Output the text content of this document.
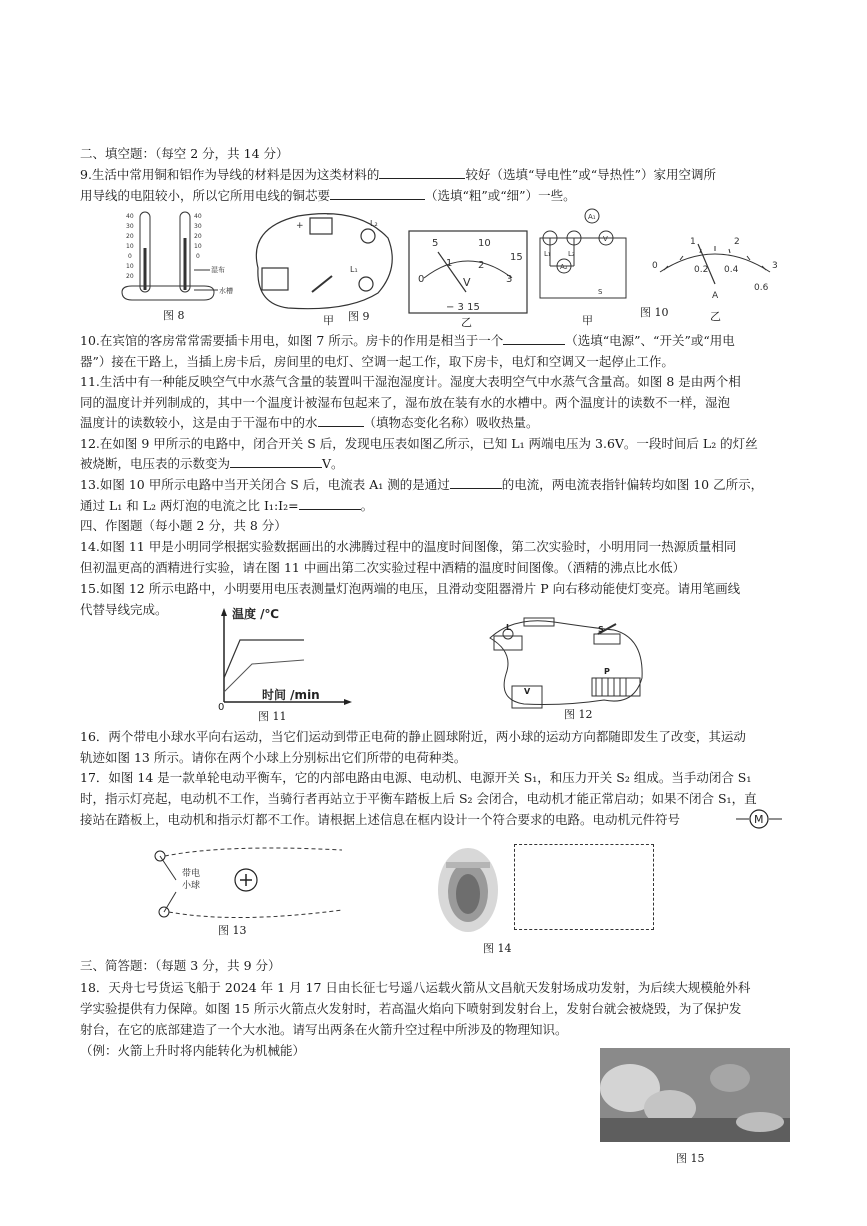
二、填空题：（每空 2 分，共 14 分）
9.生活中常用铜和铝作为导线的材料是因为这类材料的	较好（选填“导电性”或“导热性”）家用空调所
用导线的电阻较小，所以它所用电线的铜芯要	（选填“粗”或“细”）一些。
40
30
20
10
0
10
20
40
30
20
10
0
湿布
水槽
图 8
+
−
L₂
L₁
甲 图 9
5	10
15
0
1	2
3
V
− 3 15
乙
A₁
V
A₂
L₁ L₂
S
甲
图 10
1	2
3
0	0.2 0.4
0.6
A
乙
10.在宾馆的客房常常需要插卡用电，如图 7 所示。房卡的作用是相当于一个	（选填“电源”、“开关”或“用电
器”）接在干路上，当插上房卡后，房间里的电灯、空调一起工作，取下房卡，电灯和空调又一起停止工作。
11.生活中有一种能反映空气中水蒸气含量的装置叫干湿泡湿度计。湿度大表明空气中水蒸气含量高。如图 8 是由两个相
同的温度计并列制成的，其中一个温度计被湿布包起来了，湿布放在装有水的水槽中。两个温度计的读数不一样，湿泡
温度计的读数较小，这是由于干湿布中的水	（填物态变化名称）吸收热量。
12.在如图 9 甲所示的电路中，闭合开关 S 后，发现电压表如图乙所示，已知 L₁ 两端电压为 3.6V。一段时间后 L₂ 的灯丝
被烧断，电压表的示数变为	V。
13.如图 10 甲所示电路中当开关闭合 S 后，电流表 A₁ 测的是通过	的电流，两电流表指针偏转均如图 10 乙所示，
通过 L₁ 和 L₂ 两灯泡的电流之比 I₁:I₂=	。
四、作图题（每小题 2 分，共 8 分）
14.如图 11 甲是小明同学根据实验数据画出的水沸腾过程中的温度时间图像，第二次实验时，小明用同一热源质量相同
但初温更高的酒精进行实验，请在图 11 中画出第二次实验过程中酒精的温度时间图像。（酒精的沸点比水低）
15.如图 12 所示电路中，小明要用电压表测量灯泡两端的电压，且滑动变阻器滑片 P 向右移动能使灯变亮。请用笔画线
代替导线完成。	温度 /℃
时间 /min
0
图 11
L	S
P
V
图 12
16．两个带电小球水平向右运动，当它们运动到带正电荷的静止圆球附近，两小球的运动方向都随即发生了改变，其运动
轨迹如图 13 所示。请你在两个小球上分别标出它们所带的电荷种类。
17．如图 14 是一款单轮电动平衡车，它的内部电路由电源、电动机、电源开关 S₁，和压力开关 S₂ 组成。当手动闭合 S₁
时，指示灯亮起，电动机不工作，当骑行者再站立于平衡车踏板上后 S₂ 会闭合，电动机才能正常启动；如果不闭合 S₁，直
接站在踏板上，电动机和指示灯都不工作。请根据上述信息在框内设计一个符合要求的电路。电动机元件符号	M
带电小球
图 13
图 14
三、简答题：（每题 3 分，共 9 分）
18．天舟七号货运飞船于 2024 年 1 月 17 日由长征七号遥八运载火箭从文昌航天发射场成功发射，为后续大规模舱外科
学实验提供有力保障。如图 15 所示火箭点火发射时，若高温火焰向下喷射到发射台上，发射台就会被烧毁，为了保护发
射台，在它的底部建造了一个大水池。请写出两条在火箭升空过程中所涉及的物理知识。
（例：火箭上升时将内能转化为机械能）
图 15
